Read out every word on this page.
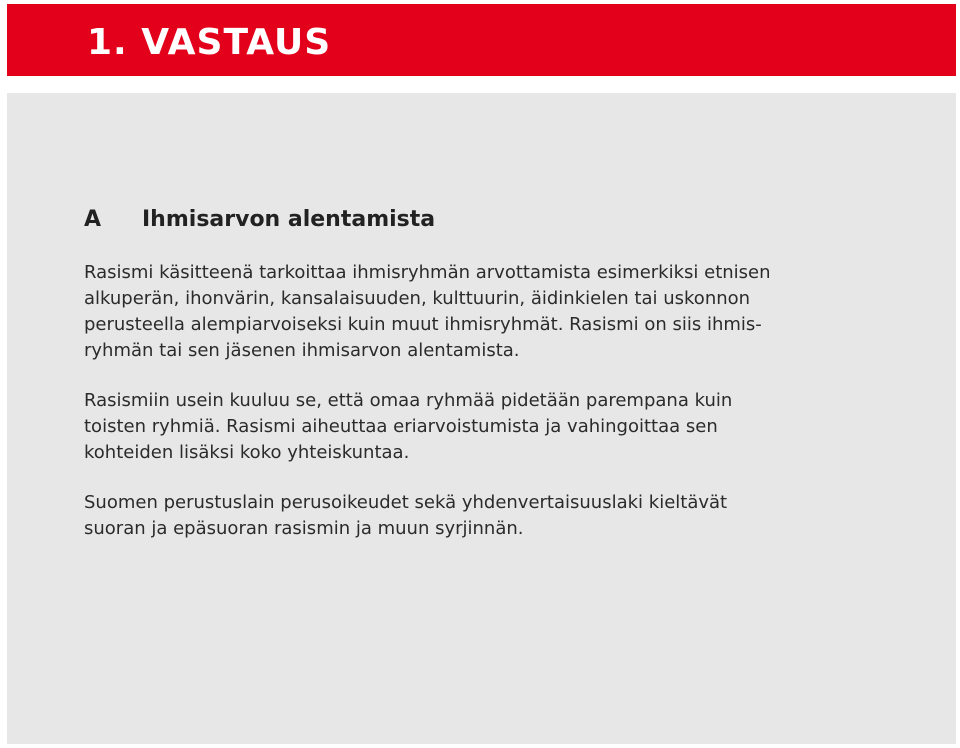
1. VASTAUS
A Ihmisarvon alentamista

Rasismi käsitteenä tarkoittaa ihmisryhmän arvottamista esimerkiksi etnisen
alkuperän, ihonvärin, kansalaisuuden, kulttuurin, äidinkielen tai uskonnon
perusteella alempiarvoiseksi kuin muut ihmisryhmät. Rasismi on siis ihmis-
ryhmän tai sen jäsenen ihmisarvon alentamista.

Rasismiin usein kuuluu se, että omaa ryhmää pidetään parempana kuin
toisten ryhmiä. Rasismi aiheuttaa eriarvoistumista ja vahingoittaa sen
kohteiden lisäksi koko yhteiskuntaa.

Suomen perustuslain perusoikeudet sekä yhdenvertaisuuslaki kieltävät
suoran ja epäsuoran rasismin ja muun syrjinnän.
